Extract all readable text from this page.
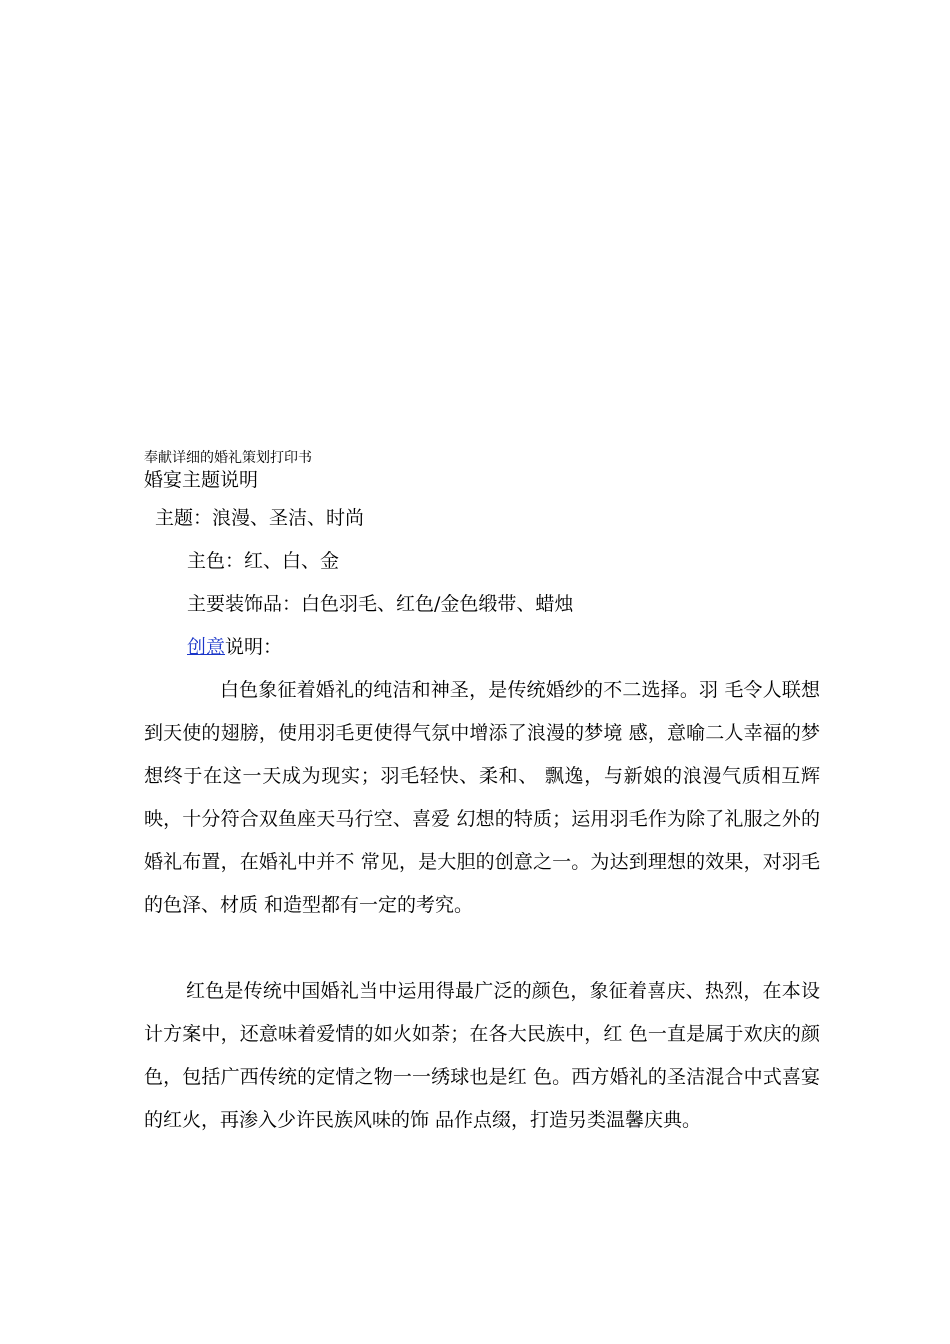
奉献详细的婚礼策划打印书
婚宴主题说明
主题：浪漫、圣洁、时尚
主色：红、白、金
主要装饰品：白色羽毛、红色/金色缎带、蜡烛
创意说明：

白色象征着婚礼的纯洁和神圣，是传统婚纱的不二选择。羽 毛令人联想到天使的翅膀，使用羽毛更使得气氛中增添了浪漫的梦境 感，意喻二人幸福的梦想终于在这一天成为现实；羽毛轻快、柔和、 飘逸，与新娘的浪漫气质相互辉映，十分符合双鱼座天马行空、喜爱 幻想的特质；运用羽毛作为除了礼服之外的婚礼布置，在婚礼中并不 常见，是大胆的创意之一。为达到理想的效果，对羽毛的色泽、材质 和造型都有一定的考究。

红色是传统中国婚礼当中运用得最广泛的颜色，象征着喜庆、热烈，在本设计方案中，还意味着爱情的如火如荼；在各大民族中，红 色一直是属于欢庆的颜色，包括广西传统的定情之物一一绣球也是红 色。西方婚礼的圣洁混合中式喜宴的红火，再渗入少许民族风味的饰 品作点缀，打造另类温馨庆典。
